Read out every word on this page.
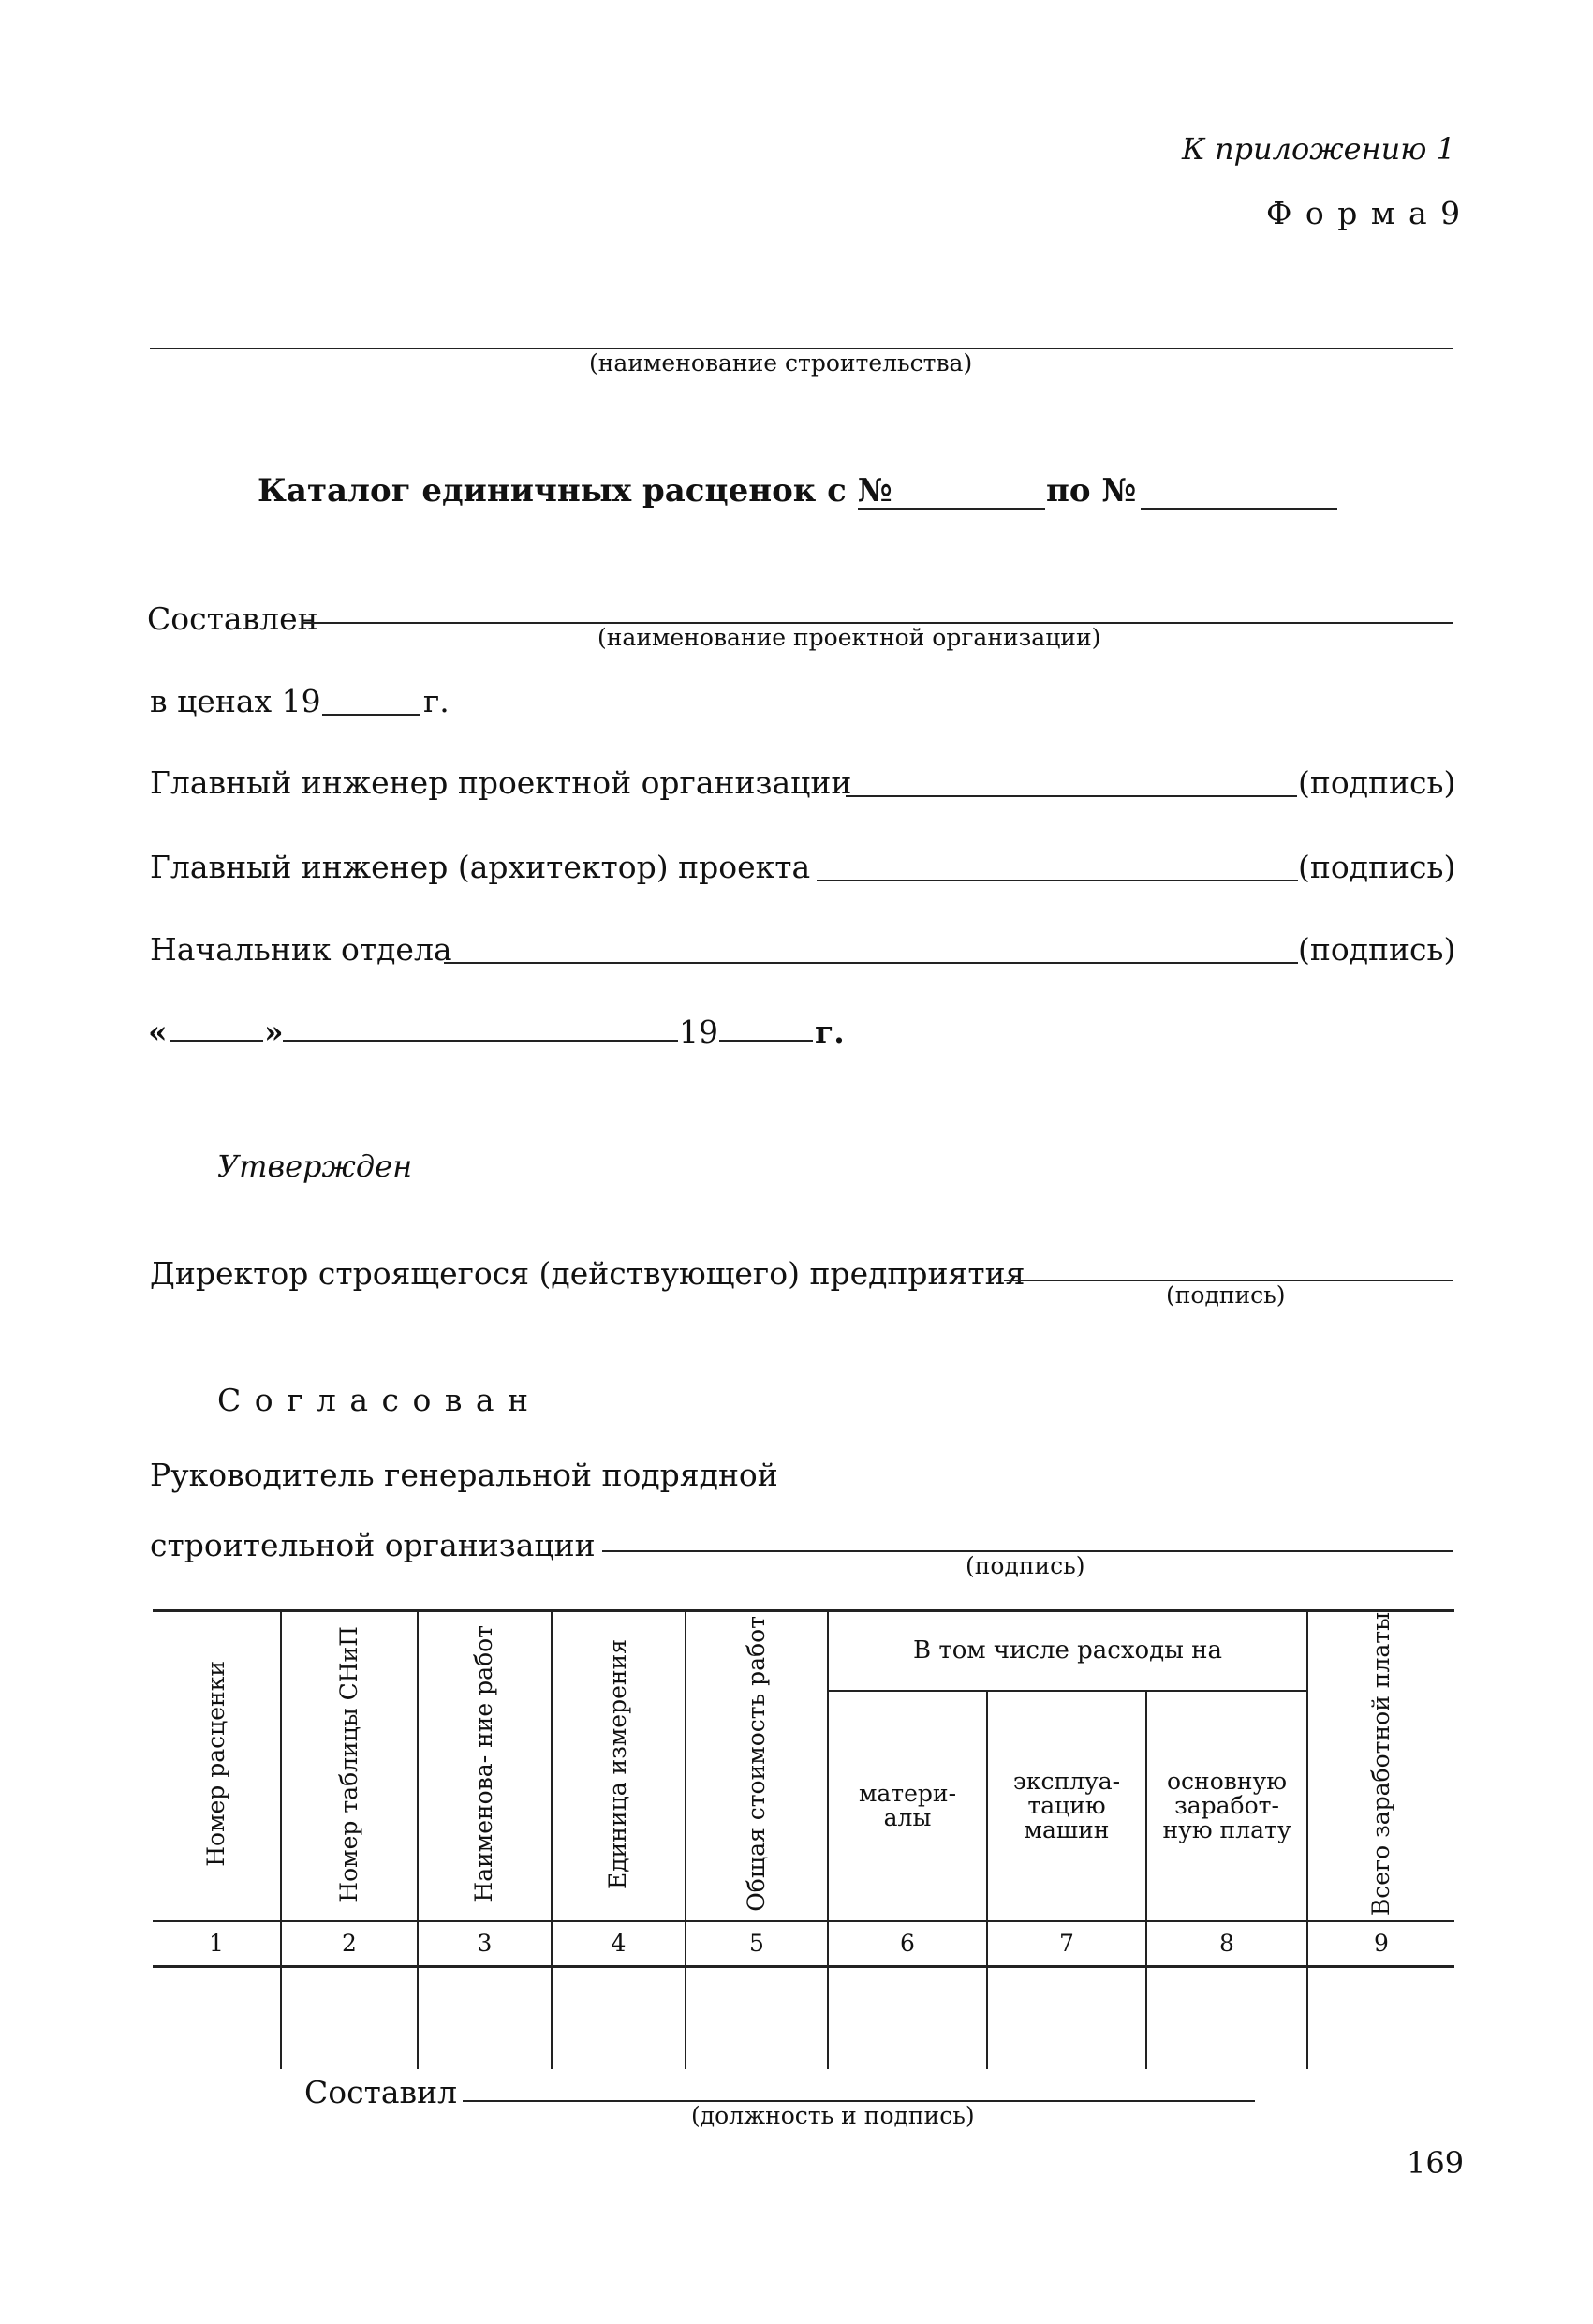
К приложению 1
Ф о р м а 9
(наименование строительства)
Каталог единичных расценок с №	по №
Составлен
(наименование проектной организации)
в ценах 19	г.
Главный инженер проектной организации	(подпись)
Главный инженер (архитектор) проекта	(подпись)
Начальник отдела	(подпись)
«	»	19	г.
Утвержден
Директор строящегося (действующего) предприятия
(подпись)
С о г л а с о в а н
Руководитель генеральной подрядной
строительной организации
(подпись)
Номер расценки	Номер таблицы СНиП	Наименова- ние работ	Единица измерения	Общая стоимость работ	В том числе расходы на			Всего заработной платы

					матери- алы	эксплуа- тацию машин	основную заработ- ную плату	

1	2	3	4	5	6	7	8	9

Составил
(должность и подпись)
169
